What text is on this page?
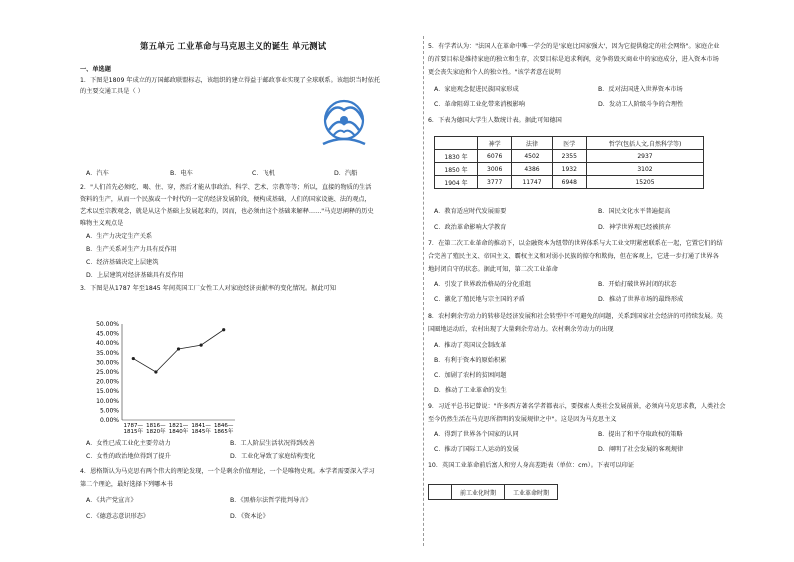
第五单元 工业革命与马克思主义的诞生 单元测试
一、单选题
1．下图是1809 年成立的万国邮政联盟标志，该组织的建立得益于邮政事业实现了全球联系。该组织当时依托
的主要交通工具是（ ）
A．汽车	B．电车	C．飞机	D．汽船
2．"人们首先必须吃、喝、住、穿，然后才能从事政治、科学、艺术、宗教等等；所以，直接的物质的生活
资料的生产，从而一个民族或一个时代的一定的经济发展阶段，便构成基础，人们的国家设施、法的观点，
艺术以至宗教观念，就是从这个基础上发展起来的，因而，也必须由这个基础来解释……"马克思阐释的历史
唯物主义观点是
A．生产力决定生产关系
B．生产关系对生产力具有反作用
C．经济基础决定上层建筑
D．上层建筑对经济基础具有反作用
3．下图是从1787 年至1845 年间英国工厂女性工人对家庭经济贡献率的变化情况。据此可知
A．女性已成工业化主要劳动力	B．工人阶层生活状况得到改善
C．女性的政治地位得到了提升	D．工业化导致了家庭结构变化
4．恩格斯认为马克思有两个伟大的理论发现，一个是剩余价值理论，一个是唯物史观。本学者需要深入学习
第二个理论，最好选择下列哪本书
A．《共产党宣言》	B．《黑格尔法哲学批判导言》
C．《德意志意识形态》	D．《资本论》
50.00%
45.00%
40.00%
35.00%
30.00%
25.00%
20.00%
15.00%
10.00%
5.00%
0.00%
1787—
1815年
1816—
1820年
1821—
1840年
1841—
1845年
1846—
1865年
5．有学者认为："法国人在革命中唯一学会的是'家庭比国家强大'，因为它提供稳定的社会网络"。家庭企业
的首要目标是维持家庭的独立和生存，次要目标是追求利润，竞争将毁灭商业中的家庭成分，进入资本市场
更会丧失家庭和个人的独立性。"该学者意在说明
A．家庭观念促进民族国家形成	B．反对法国进入世界资本市场
C．革命阻碍工业化带来消极影响	D．发动工人阶级斗争的合理性
6．下表为德国大学生人数统计表。据此可知德国
A．教育适应时代发展需要	B．国民文化水平普遍提高
C．政治革命影响大学教育	D．神学世界观已经被摈弃
7．在第二次工业革命的推动下，以金融资本为纽带的世界体系与大工业文明紧密联系在一起，它置它们的结
合完善了殖民主义、帝国主义、霸权主义和对弱小民族的掠夺和欺侮，但在客观上，它进一步打通了世界各
地封闭自守的状态。据此可知，第二次工业革命
A．引发了世界政治格局的分化重组	B．开始打破世界封闭的状态
C．激化了殖民地与宗主国的矛盾	D．推动了世界市场的最终形成
8．农村剩余劳动力的转移是经济发展和社会转型中不可避免的问题，关系到国家社会经济的可持续发展。英
国圈地运动后，农村出现了大量剩余劳动力。农村剩余劳动力的出现
A．推动了英国议会制改革
B．有利于资本的原始积累
C．加剧了农村的贫困问题
D．推动了工业革命的发生
9．习近平总书记曾说："许多西方著名学者都表示，要探索人类社会发展前景，必须向马克思求教，人类社会
至今仍然生活在马克思所指明的发展规律之中"。这是因为马克思主义
A．得到了世界各个国家的认同	B．提出了和平夺取政权的策略
C．推动了国际工人运动的发展	D．阐明了社会发展的客观规律
10．英国工业革命前后富人和穷人身高差距表（单位：cm）。下表可以印证
	神学	法律	医学	哲学(包括人文,自然科学等)
1830 年	6076	4502	2355	2937
1850 年	3006	4386	1932	3102
1904 年	3777	11747	6948	15205
	前工业化时期	工业革命时期
